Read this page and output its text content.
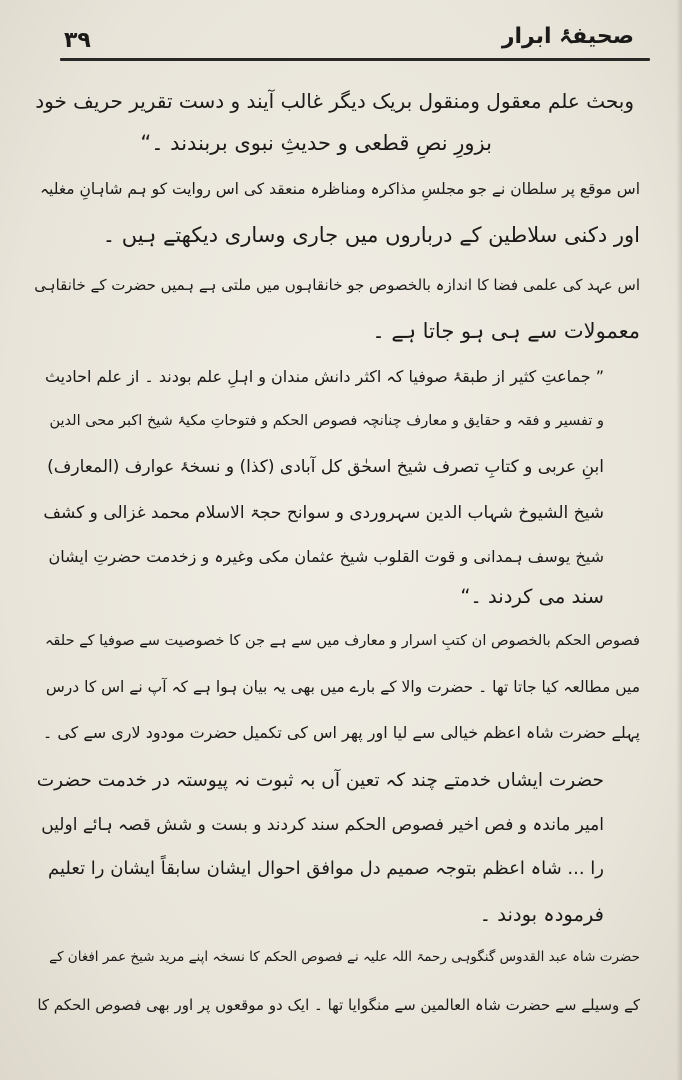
٣٩	صحیفۂ ابرار
وبحث علم معقول ومنقول بریک دیگر غالب آیند و دست تقریر حریف خود
بزورِ نصِ قطعی و حدیثِ نبوی بربندند ۔“
اس موقع پر سلطان نے جو مجلسِ مذاکرہ ومناظرہ منعقد کی اس روایت کو ہم شاہانِ مغلیہ
اور دکنی سلاطین کے درباروں میں جاری وساری دیکھتے ہیں ۔
اس عہد کی علمی فضا کا اندازہ بالخصوص جو خانقاہوں میں ملتی ہے ہمیں حضرت کے خانقاہی
معمولات سے ہی ہو جاتا ہے ۔
” جماعتِ کثیر از طبقۂ صوفیا کہ اکثر دانش مندان و اہلِ علم بودند ۔ از علم احادیث
و تفسیر و فقہ و حقایق و معارف چنانچہ فصوص الحکم و فتوحاتِ مکیۂ شیخ اکبر محی الدین
ابنِ عربی و کتابِ تصرف شیخ اسحٰق کل آبادی (کذا) و نسخۂ عوارف (المعارف)
شیخ الشیوخ شہاب الدین سہروردی و سوانح حجۃ الاسلام محمد غزالی و کشف
شیخ یوسف ہمدانی و قوت القلوب شیخ عثمان مکی وغیرہ و زخدمت حضرتِ ایشان
سند می کردند ۔“
فصوص الحکم بالخصوص ان کتبِ اسرار و معارف میں سے ہے جن کا خصوصیت سے صوفیا کے حلقہ
میں مطالعہ کیا جاتا تھا ۔ حضرت والا کے بارے میں بھی یہ بیان ہوا ہے کہ آپ نے اس کا درس
پہلے حضرت شاہ اعظم خیالی سے لیا اور پھر اس کی تکمیل حضرت مودود لاری سے کی ۔
حضرت ایشاں خدمتے چند کہ تعین آں بہ ثبوت نہ پیوستہ در خدمت حضرت
امیر ماندہ و فص اخیر فصوص الحکم سند کردند و بست و شش قصہ ہائے اولیں
را ... شاہ اعظم بتوجہ صمیم دل موافق احوال ایشان سابقاً ایشان را تعلیم
فرمودہ بودند ۔
حضرت شاہ عبد القدوس گنگوہی رحمۃ اللہ علیہ نے فصوص الحکم کا نسخہ اپنے مرید شیخ عمر افغان کے
کے وسیلے سے حضرت شاہ العالمین سے منگوایا تھا ۔ ایک دو موقعوں پر اور بھی فصوص الحکم کا
